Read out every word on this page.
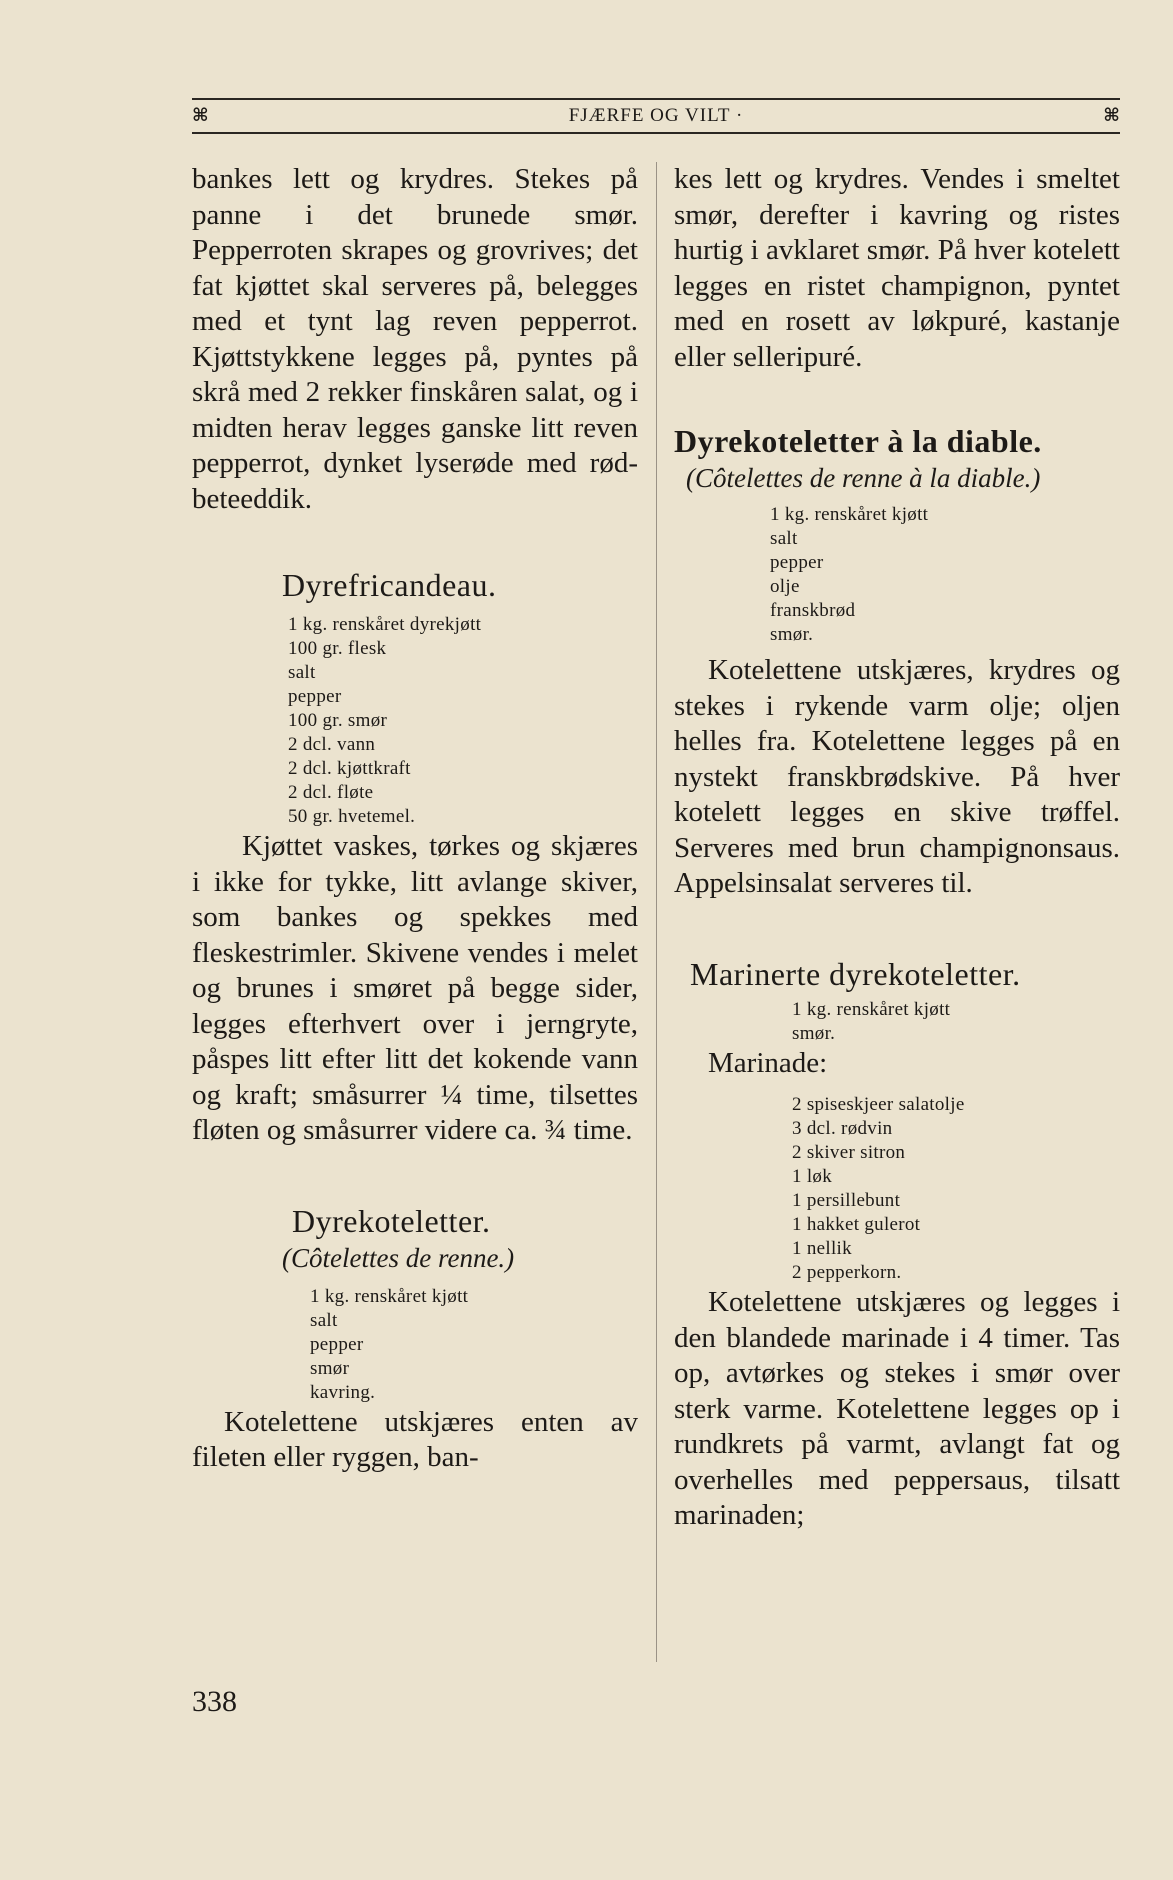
⌘	FJÆRFE OG VILT ·	⌘

bankes lett og krydres. Stekes på panne i det brunede smør. Pepperroten skrapes og grovrives; det fat kjøttet skal serveres på, belegges med et tynt lag reven pepperrot. Kjøttstykkene legges på, pyntes på skrå med 2 rekker finskåren salat, og i midten herav legges ganske litt reven pepperrot, dynket lyserøde med rødbeteeddik.

Dyrefricandeau.
1 kg. renskåret dyrekjøtt
100 gr. flesk
salt
pepper
100 gr. smør
2 dcl. vann
2 dcl. kjøttkraft
2 dcl. fløte
50 gr. hvetemel.

Kjøttet vaskes, tørkes og skjæres i ikke for tykke, litt avlange skiver, som bankes og spekkes med fleskestrimler. Skivene vendes i melet og brunes i smøret på begge sider, legges efterhvert over i jerngryte, påspes litt efter litt det kokende vann og kraft; småsurrer ¼ time, tilsettes fløten og småsurrer videre ca. ¾ time.

Dyrekoteletter.

(Côtelettes de renne.)

1 kg. renskåret kjøtt
salt
pepper
smør
kavring.

Kotelettene utskjæres enten av fileten eller ryggen, ban-

kes lett og krydres. Vendes i smeltet smør, derefter i kavring og ristes hurtig i avklaret smør. På hver kotelett legges en ristet champignon, pyntet med en rosett av løkpuré, kastanje eller selleripuré.

Dyrekoteletter à la diable.

(Côtelettes de renne à la diable.)

1 kg. renskåret kjøtt
salt
pepper
olje
franskbrød
smør.

Kotelettene utskjæres, krydres og stekes i rykende varm olje; oljen helles fra. Kotelettene legges på en nystekt franskbrødskive. På hver kotelett legges en skive trøffel. Serveres med brun champignonsaus. Appelsinsalat serveres til.

Marinerte dyrekoteletter.
1 kg. renskåret kjøtt
smør.

Marinade:

2 spiseskjeer salatolje
3 dcl. rødvin
2 skiver sitron
1 løk
1 persillebunt
1 hakket gulerot
1 nellik
2 pepperkorn.

Kotelettene utskjæres og legges i den blandede marinade i 4 timer. Tas op, avtørkes og stekes i smør over sterk varme. Kotelettene legges op i rundkrets på varmt, avlangt fat og overhelles med peppersaus, tilsatt marinaden;

338
